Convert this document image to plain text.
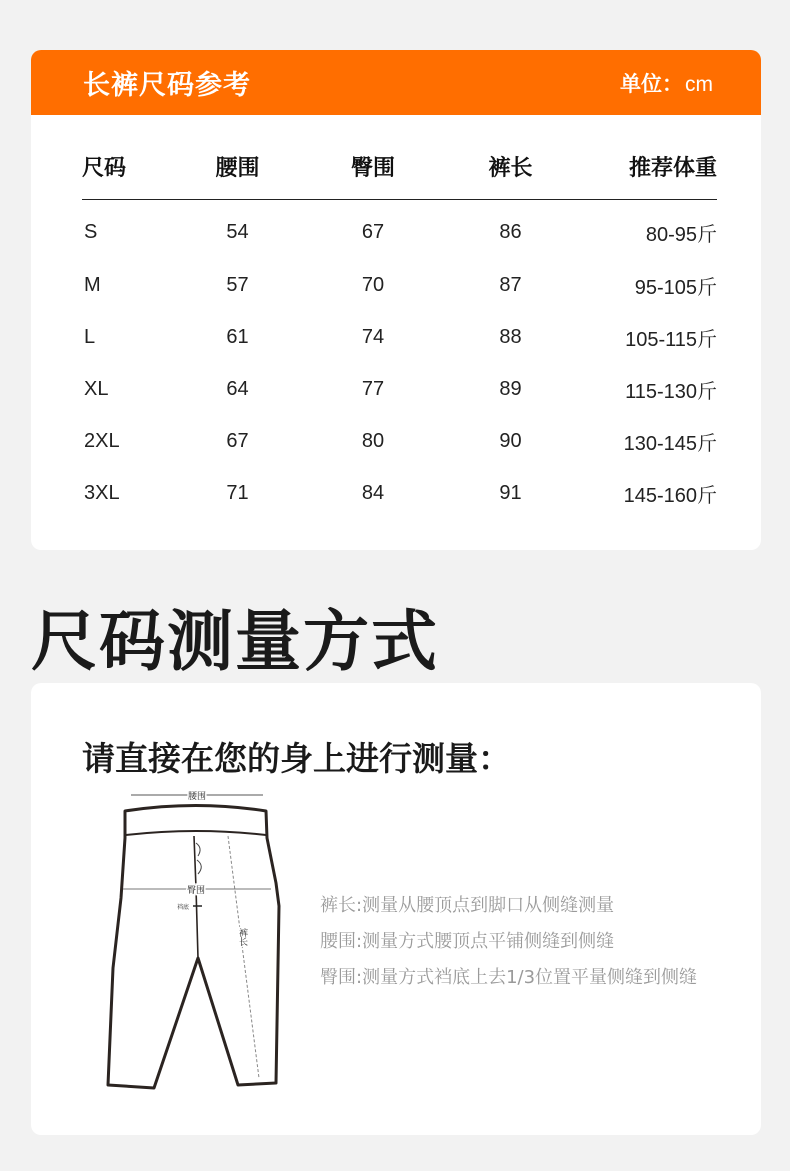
长裤尺码参考	单位：cm
尺码	腰围	臀围	裤长	推荐体重
S	54	67	86	80-95斤
M	57	70	87	95-105斤
L	61	74	88	105-115斤
XL	64	77	89	115-130斤
2XL	67	80	90	130-145斤
3XL	71	84	91	145-160斤
尺码测量方式
请直接在您的身上进行测量：
腰围
臀围
裆底
裤长
裤长:测量从腰顶点到脚口从侧缝测量
腰围:测量方式腰顶点平铺侧缝到侧缝
臀围:测量方式裆底上去1/3位置平量侧缝到侧缝
